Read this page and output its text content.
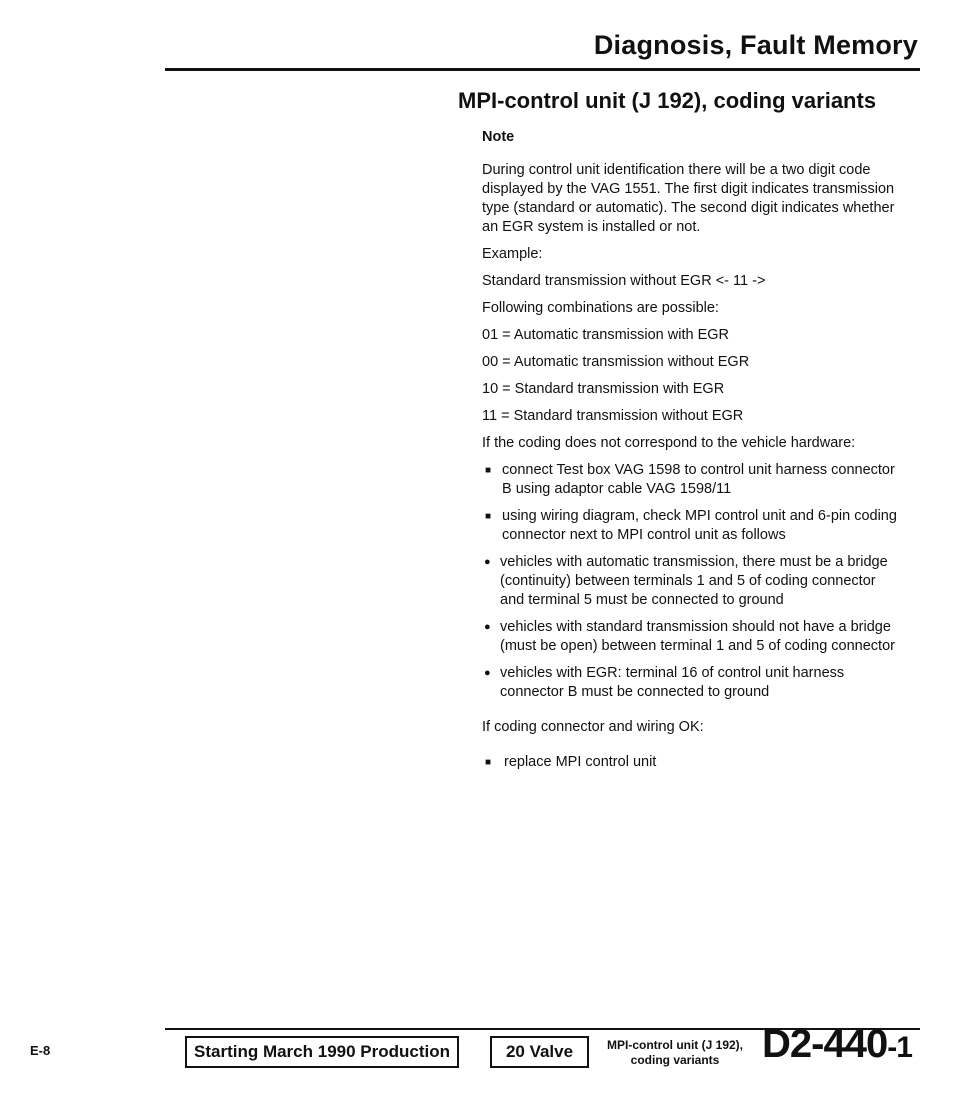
Diagnosis, Fault Memory
MPI-control unit (J 192), coding variants

Note

During control unit identification there will be a two digit code displayed by the VAG 1551. The first digit indicates transmission type (standard or automatic). The second digit indicates whether an EGR system is installed or not.

Example:

Standard transmission without EGR <- 11 ->

Following combinations are possible:

01 = Automatic transmission with EGR

00 = Automatic transmission without EGR

10 = Standard transmission with EGR

11 = Standard transmission without EGR

If the coding does not correspond to the vehicle hardware:

■ connect Test box VAG 1598 to control unit harness connector B using adaptor cable VAG 1598/11

■ using wiring diagram, check MPI control unit and 6-pin coding connector next to MPI control unit as follows

● vehicles with automatic transmission, there must be a bridge (continuity) between terminals 1 and 5 of coding connector and terminal 5 must be connected to ground

● vehicles with standard transmission should not have a bridge (must be open) between terminal 1 and 5 of coding connector

● vehicles with EGR: terminal 16 of control unit harness connector B must be connected to ground

If coding connector and wiring OK:

■ replace MPI control unit

E-8	Starting March 1990 Production	20 Valve	MPI-control unit (J 192),
coding variants	D2-440-1
